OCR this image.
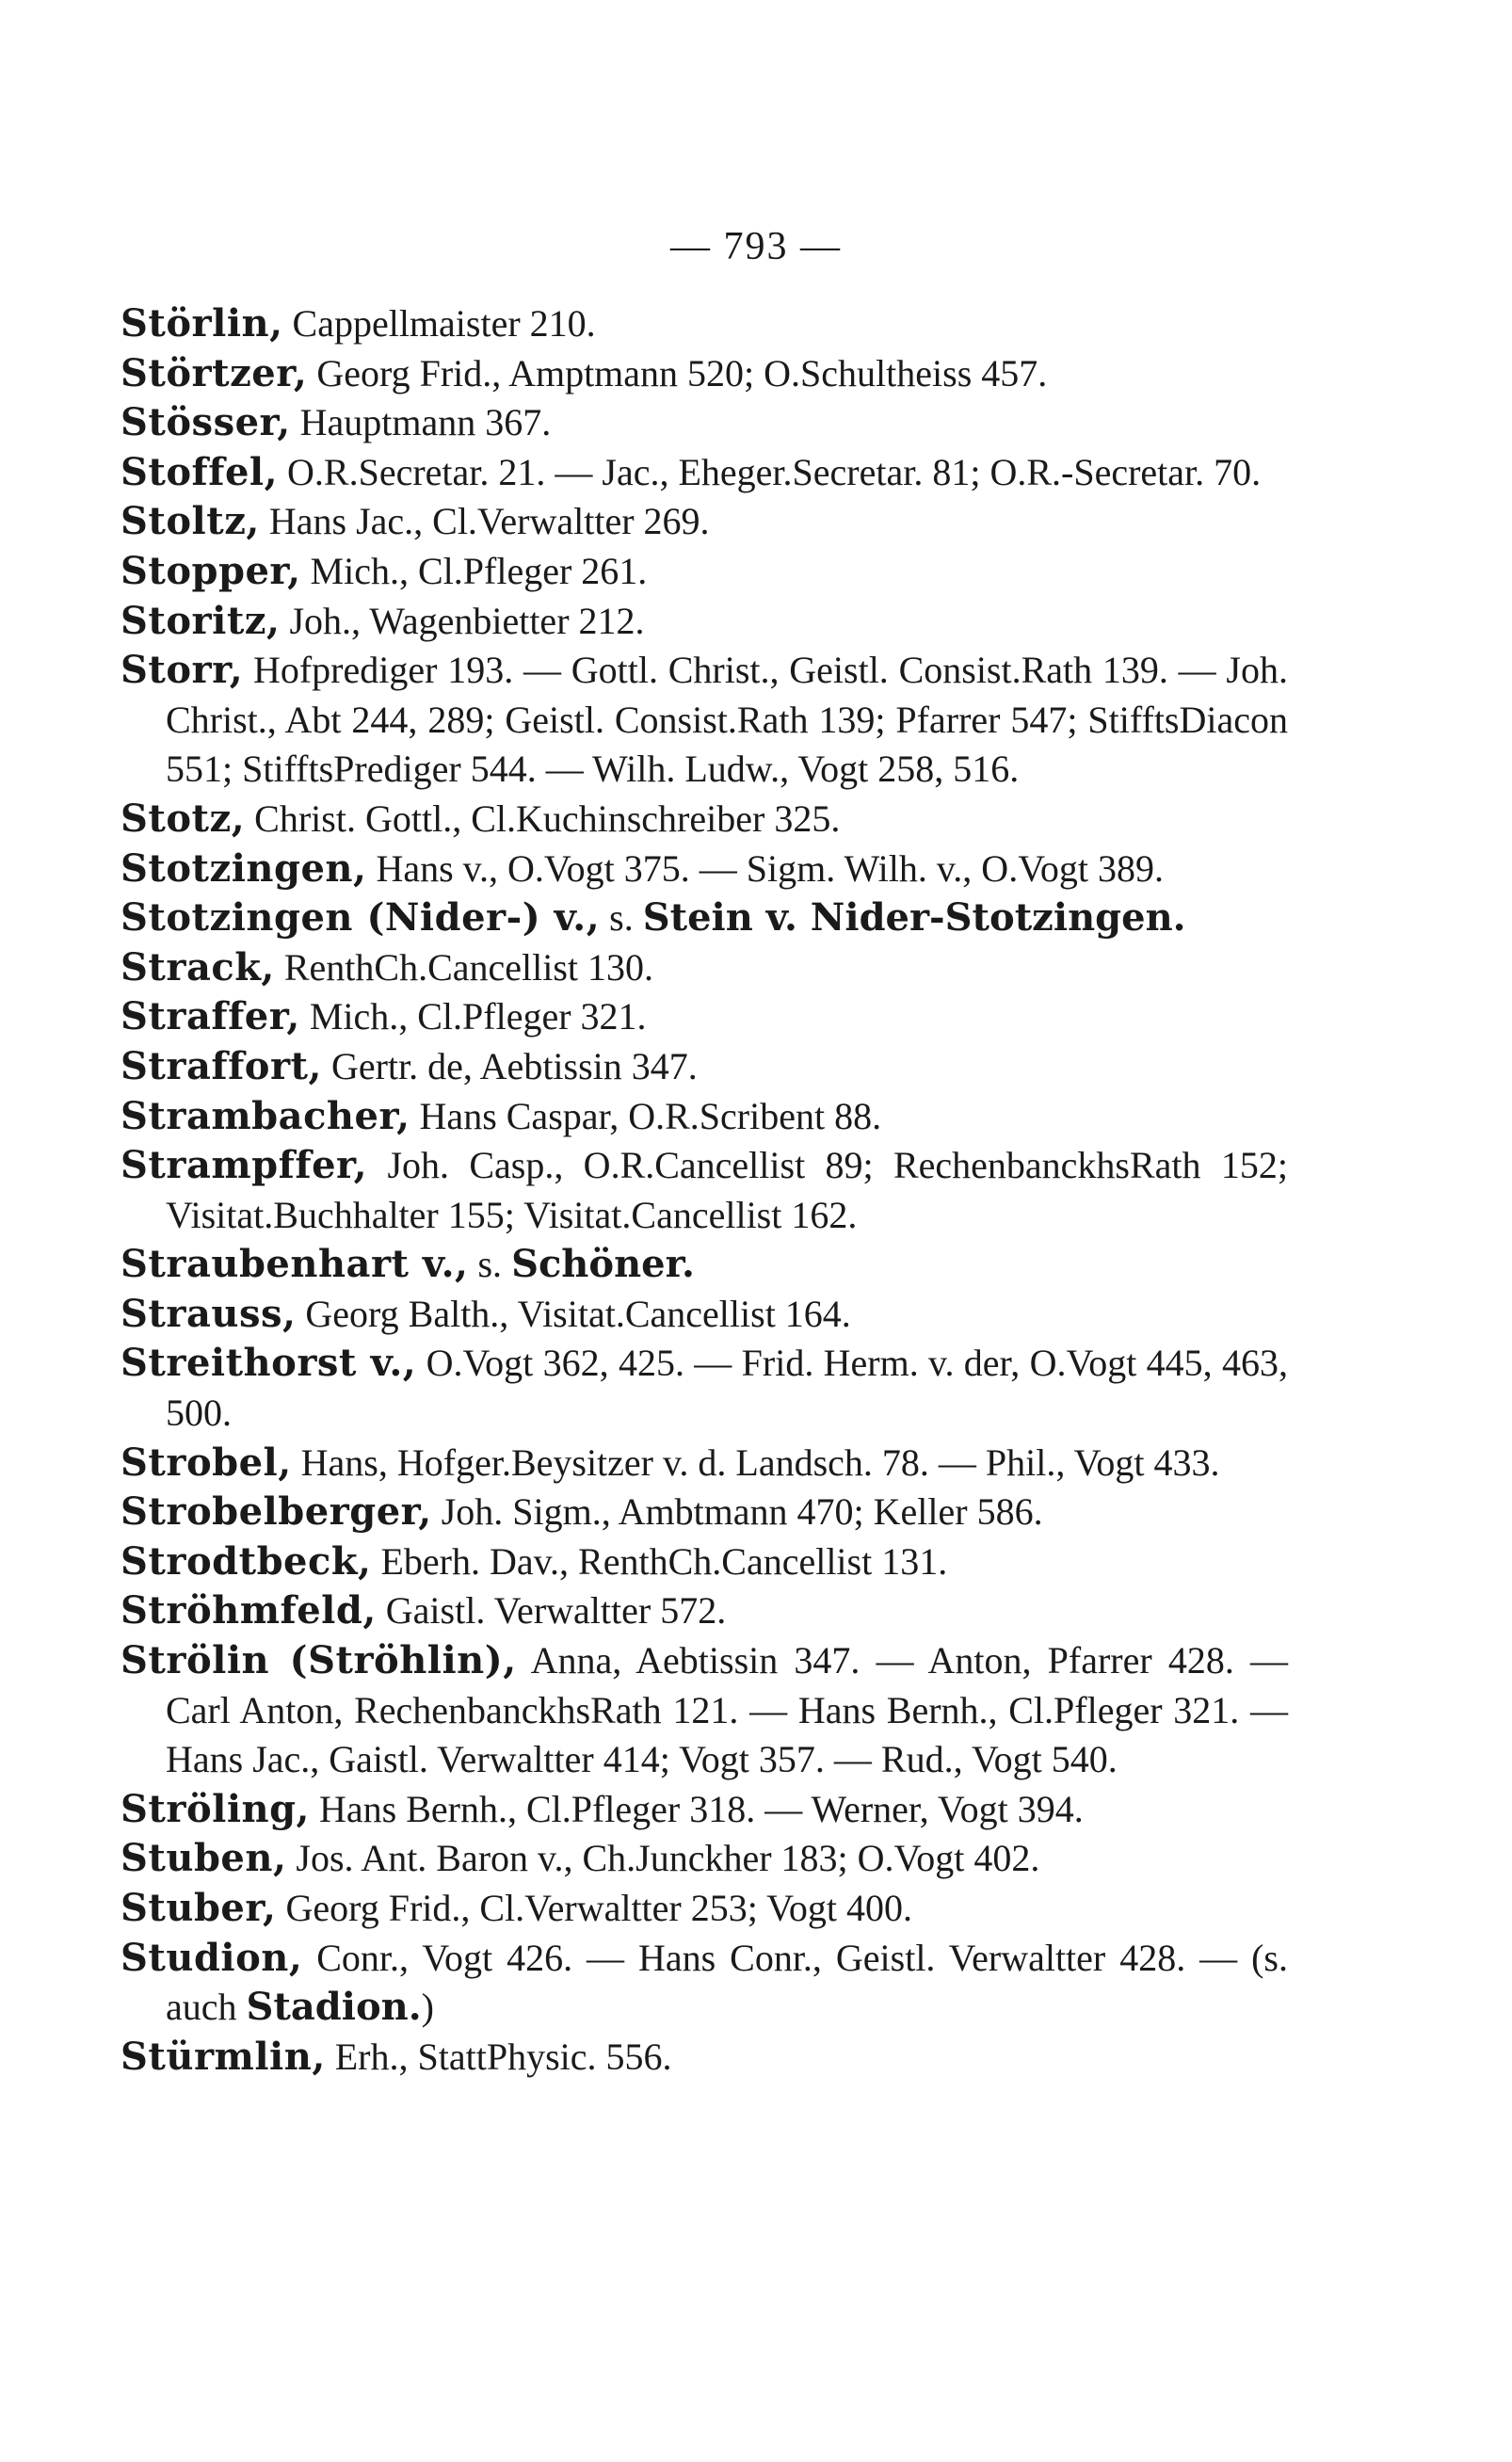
— 793 —

Störlin, Cappellmaister 210.

Störtzer, Georg Frid., Amptmann 520; O.Schultheiss 457.

Stösser, Hauptmann 367.

Stoffel, O.R.Secretar. 21. — Jac., Eheger.Secretar. 81; O.R.-Secretar. 70.

Stoltz, Hans Jac., Cl.Verwaltter 269.

Stopper, Mich., Cl.Pfleger 261.

Storitz, Joh., Wagenbietter 212.

Storr, Hofprediger 193. — Gottl. Christ., Geistl. Consist.Rath 139. — Joh. Christ., Abt 244, 289; Geistl. Consist.Rath 139; Pfarrer 547; StifftsDiacon 551; StifftsPrediger 544. — Wilh. Ludw., Vogt 258, 516.

Stotz, Christ. Gottl., Cl.Kuchinschreiber 325.

Stotzingen, Hans v., O.Vogt 375. — Sigm. Wilh. v., O.Vogt 389.

Stotzingen (Nider-) v., s. Stein v. Nider-Stotzingen.

Strack, RenthCh.Cancellist 130.

Straffer, Mich., Cl.Pfleger 321.

Straffort, Gertr. de, Aebtissin 347.

Strambacher, Hans Caspar, O.R.Scribent 88.

Strampffer, Joh. Casp., O.R.Cancellist 89; RechenbanckhsRath 152; Visitat.Buchhalter 155; Visitat.Cancellist 162.

Straubenhart v., s. Schöner.

Strauss, Georg Balth., Visitat.Cancellist 164.

Streithorst v., O.Vogt 362, 425. — Frid. Herm. v. der, O.Vogt 445, 463, 500.

Strobel, Hans, Hofger.Beysitzer v. d. Landsch. 78. — Phil., Vogt 433.

Strobelberger, Joh. Sigm., Ambtmann 470; Keller 586.

Strodtbeck, Eberh. Dav., RenthCh.Cancellist 131.

Ströhmfeld, Gaistl. Verwaltter 572.

Strölin (Ströhlin), Anna, Aebtissin 347. — Anton, Pfarrer 428. — Carl Anton, RechenbanckhsRath 121. — Hans Bernh., Cl.Pfleger 321. — Hans Jac., Gaistl. Verwaltter 414; Vogt 357. — Rud., Vogt 540.

Ströling, Hans Bernh., Cl.Pfleger 318. — Werner, Vogt 394.

Stuben, Jos. Ant. Baron v., Ch.Junckher 183; O.Vogt 402.

Stuber, Georg Frid., Cl.Verwaltter 253; Vogt 400.

Studion, Conr., Vogt 426. — Hans Conr., Geistl. Verwaltter 428. — (s. auch Stadion.)

Stürmlin, Erh., StattPhysic. 556.
